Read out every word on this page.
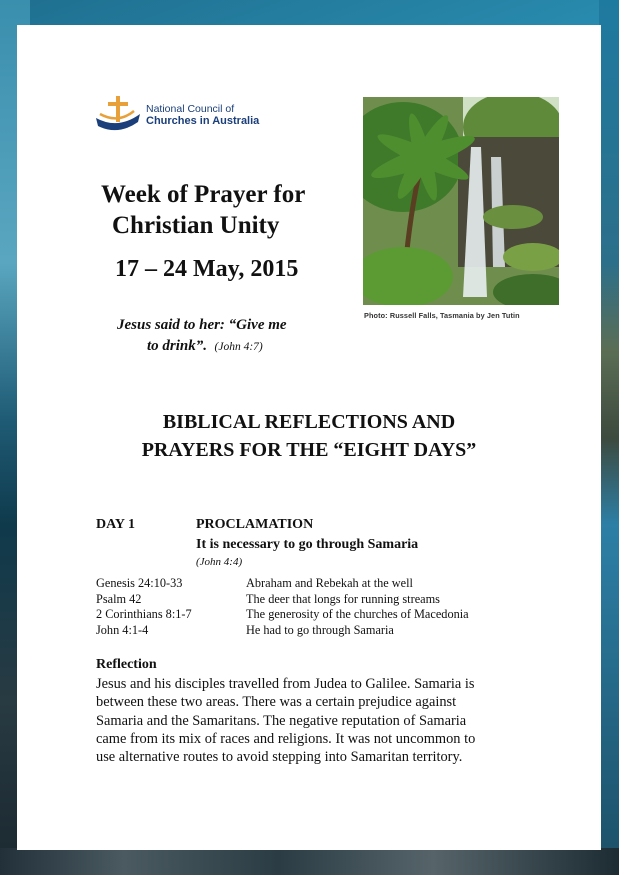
National Council of
Churches in Australia
Week of Prayer for
Christian Unity
17 – 24 May, 2015
Jesus said to her: “Give me
to drink”. (John 4:7)
Photo: Russell Falls, Tasmania by Jen Tutin
BIBLICAL REFLECTIONS AND
PRAYERS FOR THE “EIGHT DAYS”
DAY 1	PROCLAMATION
It is necessary to go through Samaria
(John 4:4)
Genesis 24:10-33	Abraham and Rebekah at the well
Psalm 42	The deer that longs for running streams
2 Corinthians 8:1-7	The generosity of the churches of Macedonia
John 4:1-4	He had to go through Samaria
Reflection
Jesus and his disciples travelled from Judea to Galilee. Samaria is
between these two areas. There was a certain prejudice against
Samaria and the Samaritans. The negative reputation of Samaria
came from its mix of races and religions. It was not uncommon to
use alternative routes to avoid stepping into Samaritan territory.
